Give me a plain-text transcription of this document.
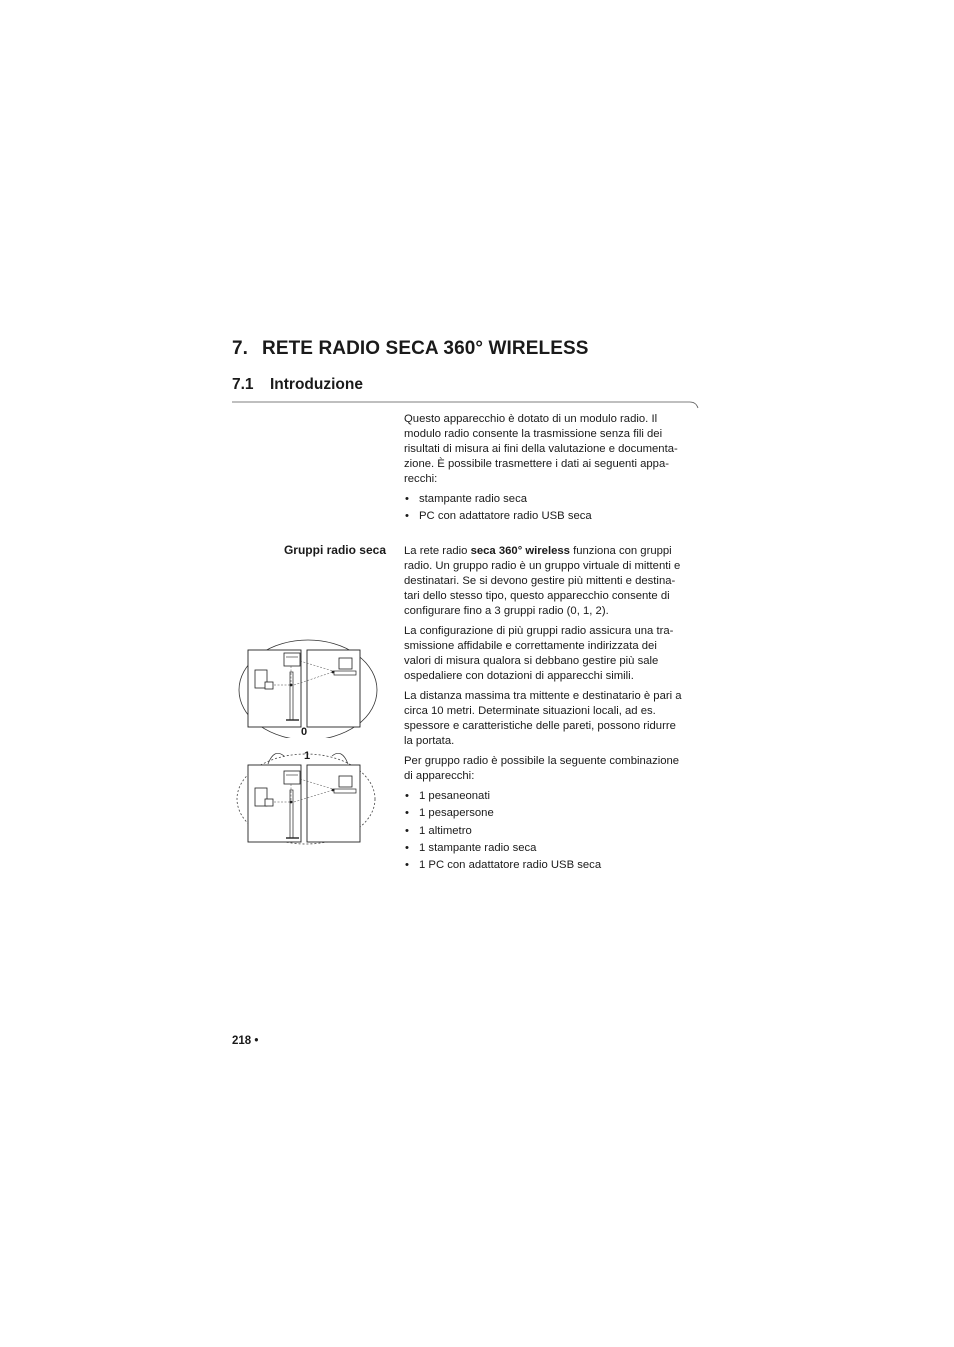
7. RETE RADIO SECA 360° WIRELESS
7.1 Introduzione

Questo apparecchio è dotato di un modulo radio. Il
modulo radio consente la trasmissione senza fili dei
risultati di misura ai fini della valutazione e documenta-
zione. È possibile trasmettere i dati ai seguenti appa-
recchi:

• stampante radio seca
• PC con adattatore radio USB seca
Gruppi radio seca La rete radio seca 360° wireless funziona con gruppi
radio. Un gruppo radio è un gruppo virtuale di mittenti e
destinatari. Se si devono gestire più mittenti e destina-
tari dello stesso tipo, questo apparecchio consente di
configurare fino a 3 gruppi radio (0, 1, 2).

La configurazione di più gruppi radio assicura una tra-
smissione affidabile e correttamente indirizzata dei
valori di misura qualora si debbano gestire più sale
ospedaliere con dotazioni di apparecchi simili.

La distanza massima tra mittente e destinatario è pari a
circa 10 metri. Determinate situazioni locali, ad es.
spessore e caratteristiche delle pareti, possono ridurre
la portata.

Per gruppo radio è possibile la seguente combinazione
di apparecchi:

• 1 pesaneonati
• 1 pesapersone
• 1 altimetro
• 1 stampante radio seca
• 1 PC con adattatore radio USB seca
0
1
218 •
